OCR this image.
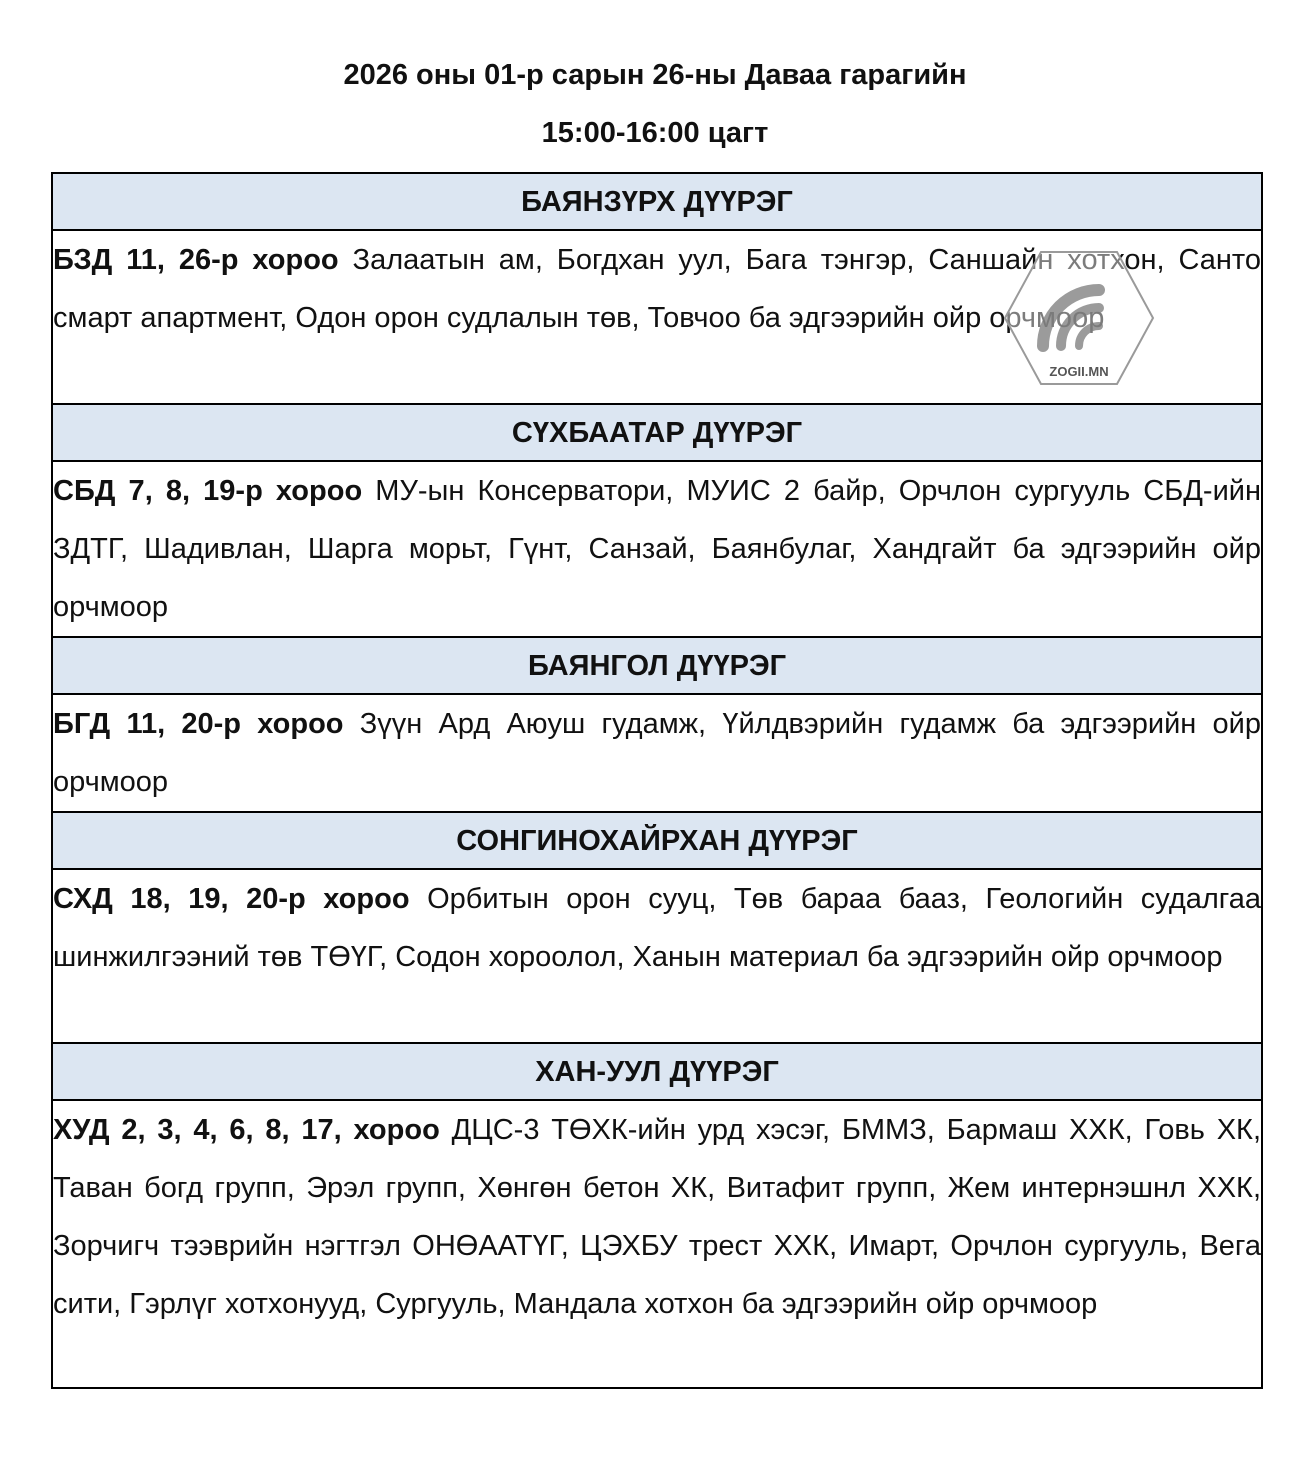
2026 оны 01-р сарын 26-ны Даваа гарагийн
15:00-16:00 цагт
БАЯНЗҮРХ ДҮҮРЭГ
БЗД 11, 26-р хороо Залаатын ам, Богдхан уул, Бага тэнгэр, Саншайн хотхон, Санто смарт апартмент, Одон орон судлалын төв, Товчоо ба эдгээрийн ойр орчмоор
СҮХБААТАР ДҮҮРЭГ
СБД 7, 8, 19-р хороо МУ-ын Консерватори, МУИС 2 байр, Орчлон сургууль СБД-ийн ЗДТГ, Шадивлан, Шарга морьт, Гүнт, Санзай, Баянбулаг, Хандгайт ба эдгээрийн ойр орчмоор
БАЯНГОЛ ДҮҮРЭГ
БГД 11, 20-р хороо Зүүн Ард Аюуш гудамж, Үйлдвэрийн гудамж ба эдгээрийн ойр орчмоор
СОНГИНОХАЙРХАН ДҮҮРЭГ
СХД 18, 19, 20-р хороо Орбитын орон сууц, Төв бараа бааз, Геологийн судалгаа шинжилгээний төв ТӨҮГ, Содон хороолол, Ханын материал ба эдгээрийн ойр орчмоор
ХАН-УУЛ ДҮҮРЭГ
ХУД 2, 3, 4, 6, 8, 17, хороо ДЦС-3 ТӨХК-ийн урд хэсэг, БММЗ, Бармаш ХХК, Говь ХК, Таван богд групп, Эрэл групп, Хөнгөн бетон ХК, Витафит групп, Жем интернэшнл ХХК, Зорчигч тээврийн нэгтгэл ОНӨААТҮГ, ЦЭХБУ трест ХХК, Имарт, Орчлон сургууль, Вега сити, Гэрлүг хотхонууд, Сургууль, Мандала хотхон ба эдгээрийн ойр орчмоор
ZOGII.MN
